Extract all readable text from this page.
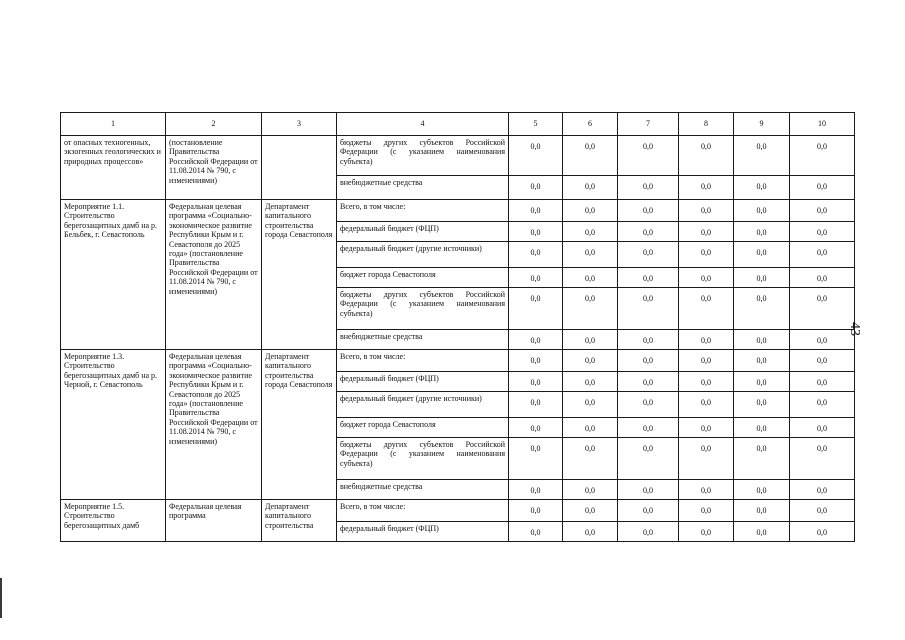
43
1	2	3	4	5	6	7	8	9	10
от опасных техногенных, экзогенных геологических и природных процессов»	(постановление Правительства Российской Федерации от 11.08.2014 № 790, с изменениями)		бюджеты других субъектов Российской Федерации (с указанием наименования субъекта)	0,0	0,0	0,0	0,0	0,0	0,0
			внебюджетные средства	0,0	0,0	0,0	0,0	0,0	0,0
Мероприятие 1.1. Строительство берегозащитных дамб на р. Бельбек, г. Севастополь	Федеральная целевая программа «Социально-экономическое развитие Республики Крым и г. Севастополя до 2025 года» (постановление Правительства Российской Федерации от 11.08.2014 № 790, с изменениями)	Департамент капитального строительства города Севастополя	Всего, в том числе:	0,0	0,0	0,0	0,0	0,0	0,0
			федеральный бюджет (ФЦП)	0,0	0,0	0,0	0,0	0,0	0,0
			федеральный бюджет (другие источники)	0,0	0,0	0,0	0,0	0,0	0,0
			бюджет города Севастополя	0,0	0,0	0,0	0,0	0,0	0,0
			бюджеты других субъектов Российской Федерации (с указанием наименования субъекта)	0,0	0,0	0,0	0,0	0,0	0,0
			внебюджетные средства	0,0	0,0	0,0	0,0	0,0	0,0
Мероприятие 1.3. Строительство берегозащитных дамб на р. Черной, г. Севастополь	Федеральная целевая программа «Социально-экономическое развитие Республики Крым и г. Севастополя до 2025 года» (постановление Правительства Российской Федерации от 11.08.2014 № 790, с изменениями)	Департамент капитального строительства города Севастополя	Всего, в том числе:	0,0	0,0	0,0	0,0	0,0	0,0
			федеральный бюджет (ФЦП)	0,0	0,0	0,0	0,0	0,0	0,0
			федеральный бюджет (другие источники)	0,0	0,0	0,0	0,0	0,0	0,0
			бюджет города Севастополя	0,0	0,0	0,0	0,0	0,0	0,0
			бюджеты других субъектов Российской Федерации (с указанием наименования субъекта)	0,0	0,0	0,0	0,0	0,0	0,0
			внебюджетные средства	0,0	0,0	0,0	0,0	0,0	0,0
Мероприятие 1.5. Строительство берегозащитных дамб	Федеральная целевая программа	Департамент капитального строительства	Всего, в том числе:	0,0	0,0	0,0	0,0	0,0	0,0
			федеральный бюджет (ФЦП)	0,0	0,0	0,0	0,0	0,0	0,0
